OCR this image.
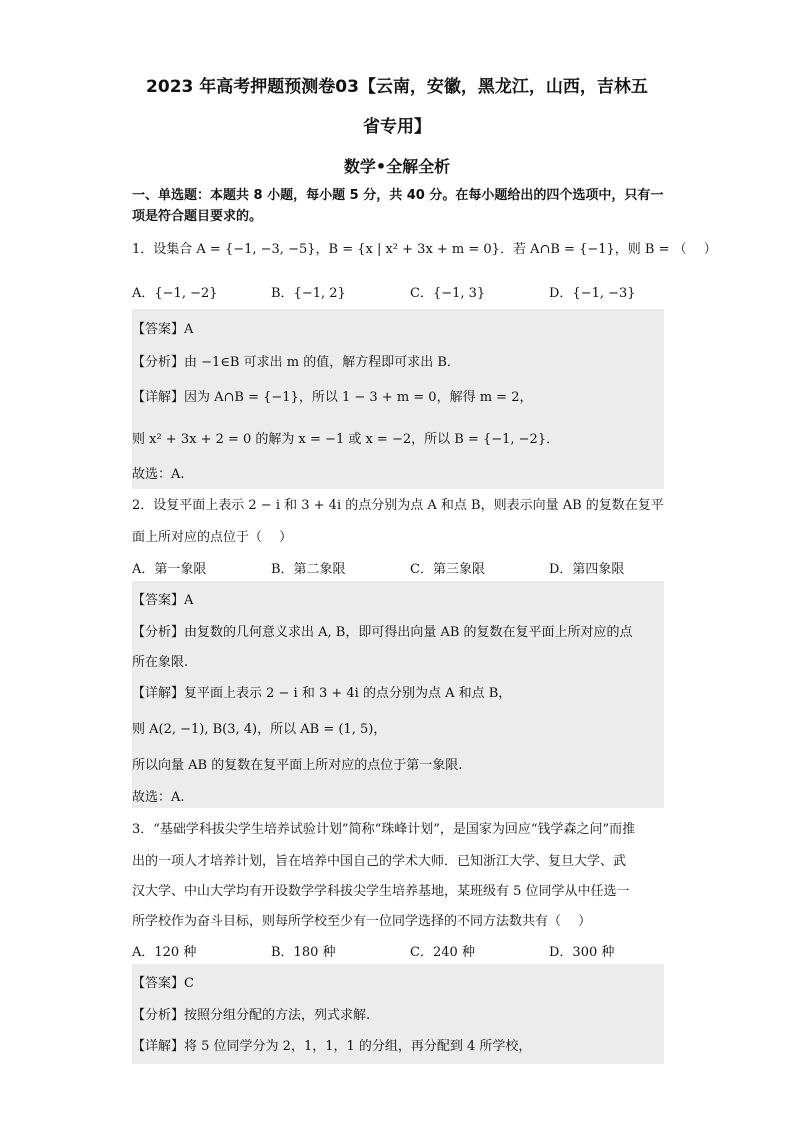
2023 年高考押题预测卷03【云南，安徽，黑龙江，山西，吉林五
省专用】
数学•全解全析
一、单选题：本题共 8 小题，每小题 5 分，共 40 分。在每小题给出的四个选项中，只有一项是符合题目要求的。
1．设集合 A = {−1, −3, −5}，B = {x | x² + 3x + m = 0}．若 A∩B = {−1}，则 B = （　 ）
A．{−1, −2}	B．{−1, 2}	C．{−1, 3}	D．{−1, −3}
【答案】A
【分析】由 −1∈B 可求出 m 的值，解方程即可求出 B．
【详解】因为 A∩B = {−1}，所以 1 − 3 + m = 0，解得 m = 2，
则 x² + 3x + 2 = 0 的解为 x = −1 或 x = −2，所以 B = {−1, −2}．
故选：A.
2．设复平面上表示 2 − i 和 3 + 4i 的点分别为点 A 和点 B，则表示向量 AB 的复数在复平
面上所对应的点位于（　 ）
A．第一象限	B．第二象限	C．第三象限	D．第四象限
【答案】A
【分析】由复数的几何意义求出 A, B，即可得出向量 AB 的复数在复平面上所对应的点
所在象限.
【详解】复平面上表示 2 − i 和 3 + 4i 的点分别为点 A 和点 B，
则 A(2, −1), B(3, 4)，所以 AB = (1, 5)，
所以向量 AB 的复数在复平面上所对应的点位于第一象限.
故选：A.
3．“基础学科拔尖学生培养试验计划”简称“珠峰计划”，是国家为回应“钱学森之问”而推
出的一项人才培养计划，旨在培养中国自己的学术大师．已知浙江大学、复旦大学、武
汉大学、中山大学均有开设数学学科拔尖学生培养基地，某班级有 5 位同学从中任选一
所学校作为奋斗目标，则每所学校至少有一位同学选择的不同方法数共有（　 ）
A．120 种	B．180 种	C．240 种	D．300 种
【答案】C
【分析】按照分组分配的方法，列式求解.
【详解】将 5 位同学分为 2，1，1，1 的分组，再分配到 4 所学校，
